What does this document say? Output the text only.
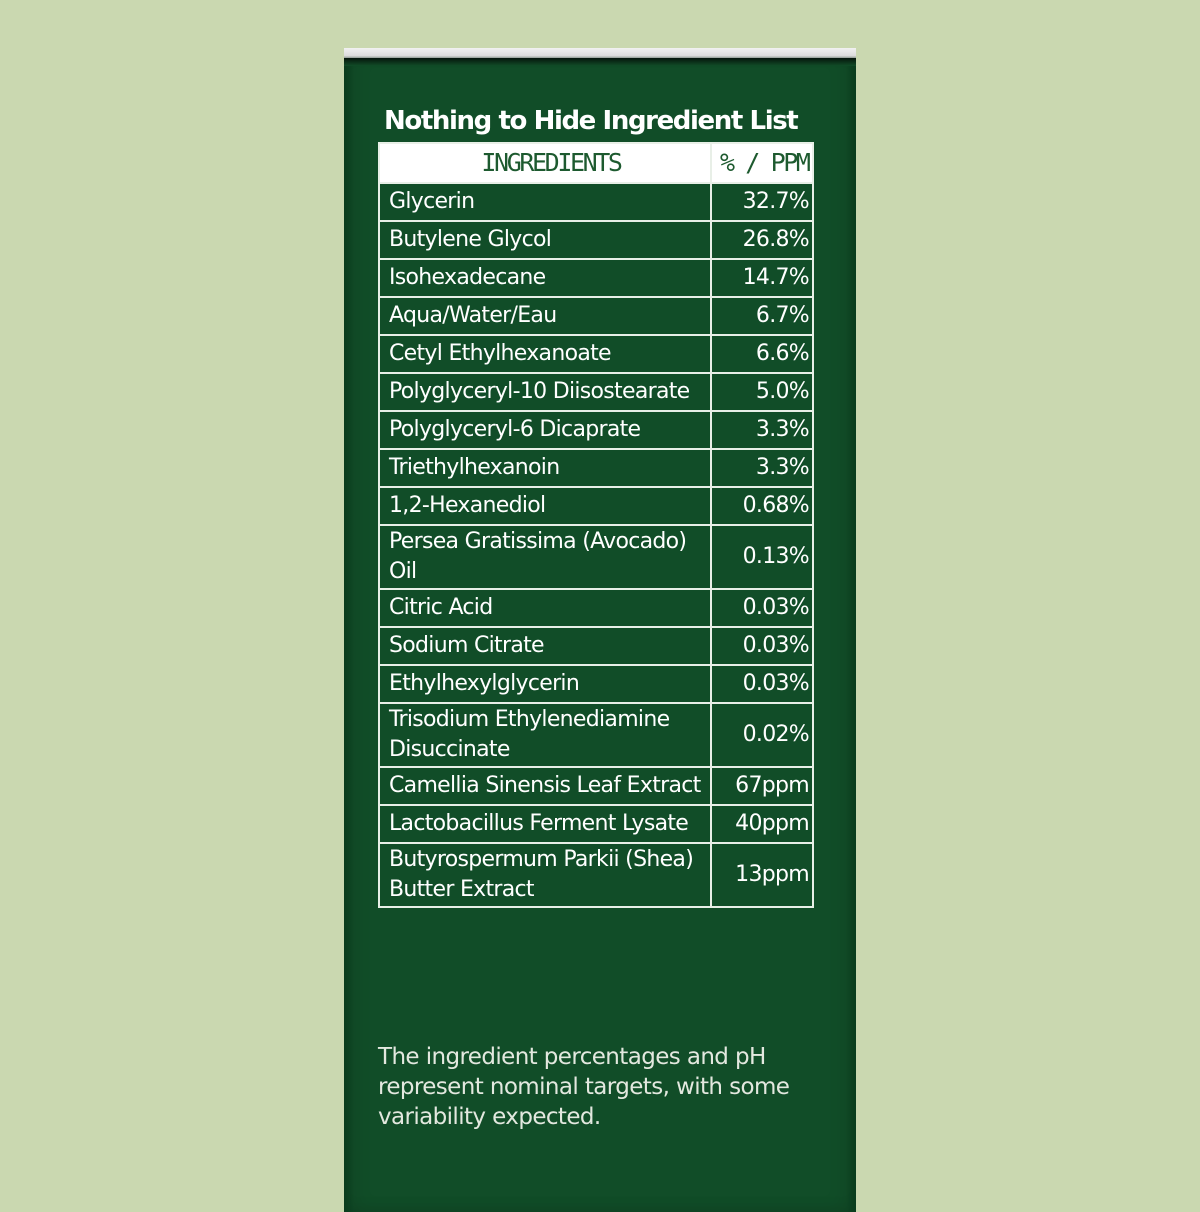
Nothing to Hide Ingredient List
INGREDIENTS	% / PPM
Glycerin	32.7%
Butylene Glycol	26.8%
Isohexadecane	14.7%
Aqua/Water/Eau	6.7%
Cetyl Ethylhexanoate	6.6%
Polyglyceryl-10 Diisostearate	5.0%
Polyglyceryl-6 Dicaprate	3.3%
Triethylhexanoin	3.3%
1,2-Hexanediol	0.68%
Persea Gratissima (Avocado) Oil	0.13%
Citric Acid	0.03%
Sodium Citrate	0.03%
Ethylhexylglycerin	0.03%
Trisodium Ethylenediamine Disuccinate	0.02%
Camellia Sinensis Leaf Extract	67ppm
Lactobacillus Ferment Lysate	40ppm
Butyrospermum Parkii (Shea) Butter Extract	13ppm

The ingredient percentages and pH represent nominal targets, with some variability expected.
